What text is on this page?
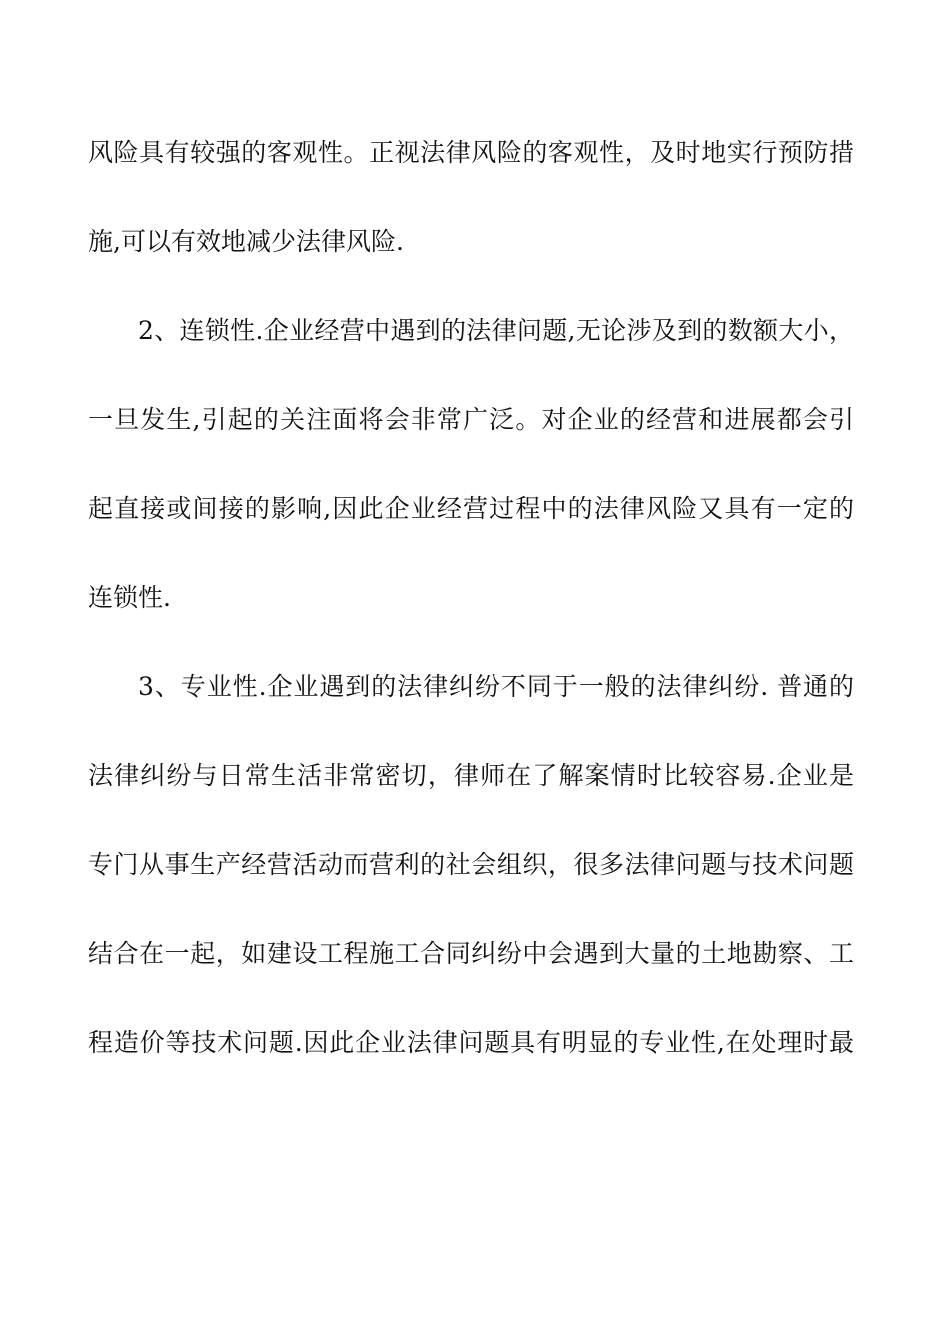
风险具有较强的客观性。正视法律风险的客观性，及时地实行预防措
施,可以有效地减少法律风险.
2、连锁性.企业经营中遇到的法律问题,无论涉及到的数额大小，
一旦发生,引起的关注面将会非常广泛。对企业的经营和进展都会引
起直接或间接的影响,因此企业经营过程中的法律风险又具有一定的
连锁性.
3、专业性.企业遇到的法律纠纷不同于一般的法律纠纷. 普通的
法律纠纷与日常生活非常密切，律师在了解案情时比较容易.企业是
专门从事生产经营活动而营利的社会组织，很多法律问题与技术问题
结合在一起，如建设工程施工合同纠纷中会遇到大量的土地勘察、工
程造价等技术问题.因此企业法律问题具有明显的专业性,在处理时最
